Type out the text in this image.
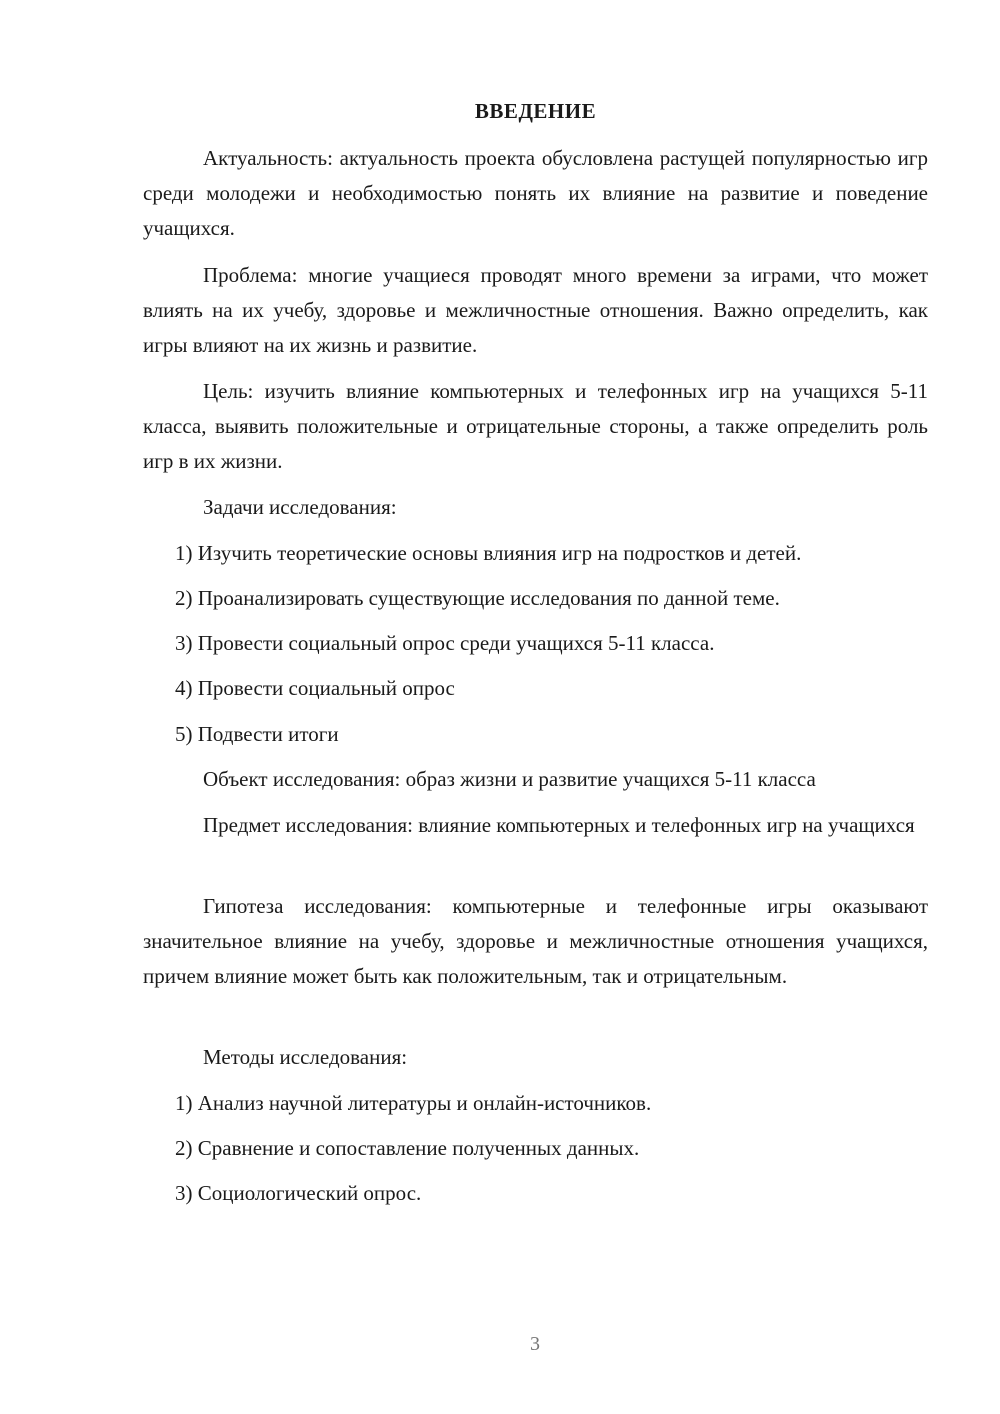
ВВЕДЕНИЕ

Актуальность: актуальность проекта обусловлена растущей популярностью игр среди молодежи и необходимостью понять их влияние на развитие и поведение учащихся.

Проблема: многие учащиеся проводят много времени за играми, что может влиять на их учебу, здоровье и межличностные отношения. Важно определить, как игры влияют на их жизнь и развитие.

Цель: изучить влияние компьютерных и телефонных игр на учащихся 5-11 класса, выявить положительные и отрицательные стороны, а также определить роль игр в их жизни.

Задачи исследования:
1) Изучить теоретические основы влияния игр на подростков и детей.
2) Проанализировать существующие исследования по данной теме.
3) Провести социальный опрос среди учащихся 5-11 класса.
4) Провести социальный опрос
5) Подвести итоги
Объект исследования: образ жизни и развитие учащихся 5-11 класса

Предмет исследования: влияние компьютерных и телефонных игр на учащихся

Гипотеза исследования: компьютерные и телефонные игры оказывают значительное влияние на учебу, здоровье и межличностные отношения учащихся, причем влияние может быть как положительным, так и отрицательным.

Методы исследования:
1) Анализ научной литературы и онлайн-источников.
2) Сравнение и сопоставление полученных данных.
3) Социологический опрос.
3
